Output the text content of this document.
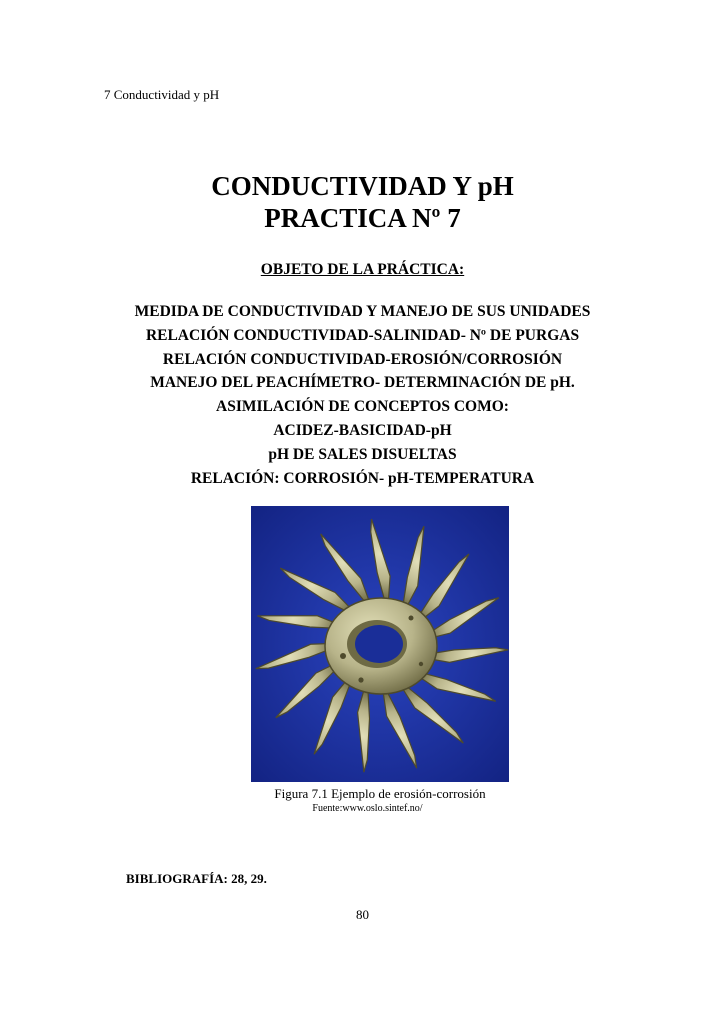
7 Conductividad y pH
CONDUCTIVIDAD Y pH
PRACTICA Nº 7
OBJETO DE LA PRÁCTICA:
MEDIDA DE CONDUCTIVIDAD Y MANEJO DE SUS UNIDADES
RELACIÓN CONDUCTIVIDAD-SALINIDAD- Nº DE PURGAS
RELACIÓN CONDUCTIVIDAD-EROSIÓN/CORROSIÓN
MANEJO DEL PEACHÍMETRO- DETERMINACIÓN DE pH.
ASIMILACIÓN DE CONCEPTOS COMO:
ACIDEZ-BASICIDAD-pH
pH DE SALES DISUELTAS
RELACIÓN: CORROSIÓN- pH-TEMPERATURA
Figura 7.1 Ejemplo de erosión-corrosión
Fuente:www.oslo.sintef.no/
BIBLIOGRAFÍA: 28, 29.
80
